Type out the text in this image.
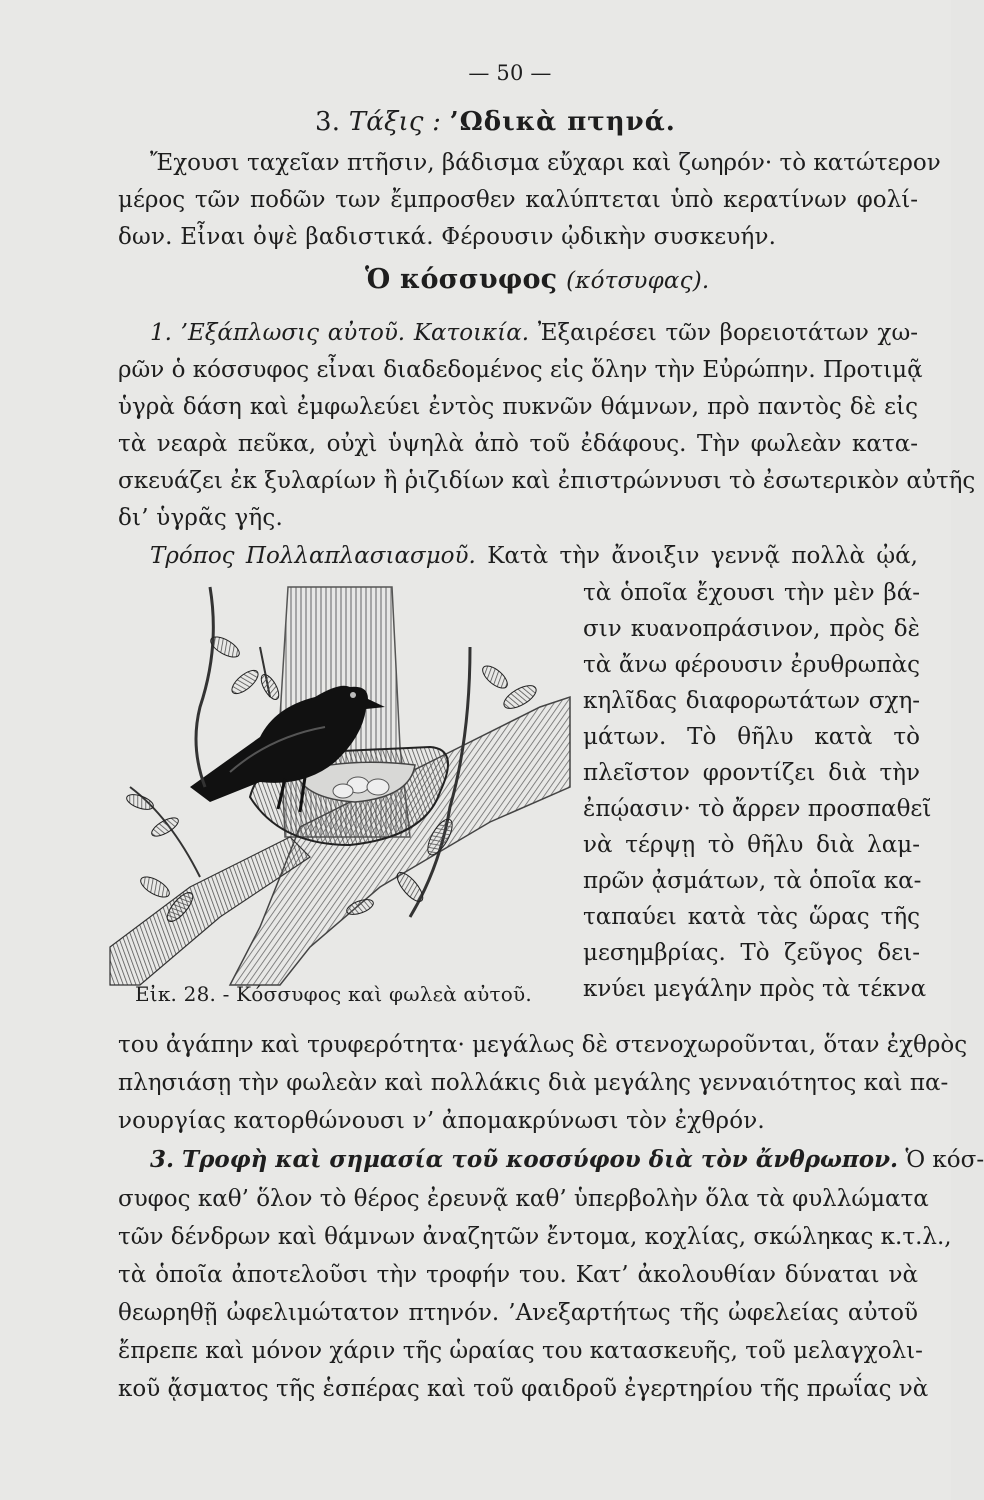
— 50 —
3. Τάξις : ’Ωδικὰ πτηνά.
Ἔχουσι ταχεῖαν πτῆσιν, βάδισμα εὔχαρι καὶ ζωηρόν· τὸ κατώτερον
μέρος τῶν ποδῶν των ἔμπροσθεν καλύπτεται ὑπὸ κερατίνων φολί-
δων. Εἶναι ὀψὲ βαδιστικά. Φέρουσιν ᾠδικὴν συσκευήν.
Ὁ κόσσυφος (κότσυφας).
1. ’Εξάπλωσις αὐτοῦ. Κατοικία. Ἐξαιρέσει τῶν βορειοτάτων χω-
ρῶν ὁ κόσσυφος εἶναι διαδεδομένος εἰς ὅλην τὴν Εὐρώπην. Προτιμᾷ
ὑγρὰ δάση καὶ ἐμφωλεύει ἐντὸς πυκνῶν θάμνων, πρὸ παντὸς δὲ εἰς
τὰ νεαρὰ πεῦκα, οὐχὶ ὑψηλὰ ἀπὸ τοῦ ἐδάφους. Τὴν φωλεὰν κατα-
σκευάζει ἐκ ξυλαρίων ἢ ῥιζιδίων καὶ ἐπιστρώννυσι τὸ ἐσωτερικὸν αὐτῆς
δι’ ὑγρᾶς γῆς.
Τρόπος Πολλαπλασιασμοῦ. Κατὰ τὴν ἄνοιξιν γεννᾷ πολλὰ ᾠά,
τὰ ὁποῖα ἔχουσι τὴν μὲν βά-
σιν κυανοπράσινον, πρὸς δὲ
τὰ ἄνω φέρουσιν ἐρυθρωπὰς
κηλῖδας διαφορωτάτων σχη-
μάτων. Τὸ θῆλυ κατὰ τὸ
πλεῖστον φροντίζει διὰ τὴν
ἐπῴασιν· τὸ ἄρρεν προσπαθεῖ
νὰ τέρψῃ τὸ θῆλυ διὰ λαμ-
πρῶν ᾀσμάτων, τὰ ὁποῖα κα-
ταπαύει κατὰ τὰς ὥρας τῆς
μεσημβρίας. Τὸ ζεῦγος δει-
κνύει μεγάλην πρὸς τὰ τέκνα
Εἰκ. 28. - Κόσσυφος καὶ φωλεὰ αὐτοῦ.
του ἀγάπην καὶ τρυφερότητα· μεγάλως δὲ στενοχωροῦνται, ὅταν ἐχθρὸς
πλησιάσῃ τὴν φωλεὰν καὶ πολλάκις διὰ μεγάλης γενναιότητος καὶ πα-
νουργίας κατορθώνουσι ν’ ἀπομακρύνωσι τὸν ἐχθρόν.
3. Τροφὴ καὶ σημασία τοῦ κοσσύφου διὰ τὸν ἄνθρωπον. Ὁ κόσ-
συφος καθ’ ὅλον τὸ θέρος ἐρευνᾷ καθ’ ὑπερβολὴν ὅλα τὰ φυλλώματα
τῶν δένδρων καὶ θάμνων ἀναζητῶν ἔντομα, κοχλίας, σκώληκας κ.τ.λ.,
τὰ ὁποῖα ἀποτελοῦσι τὴν τροφήν του. Κατ’ ἀκολουθίαν δύναται νὰ
θεωρηθῇ ὠφελιμώτατον πτηνόν. ’Ανεξαρτήτως τῆς ὠφελείας αὐτοῦ
ἔπρεπε καὶ μόνον χάριν τῆς ὡραίας του κατασκευῆς, τοῦ μελαγχολι-
κοῦ ᾄσματος τῆς ἑσπέρας καὶ τοῦ φαιδροῦ ἐγερτηρίου τῆς πρωΐας νὰ
